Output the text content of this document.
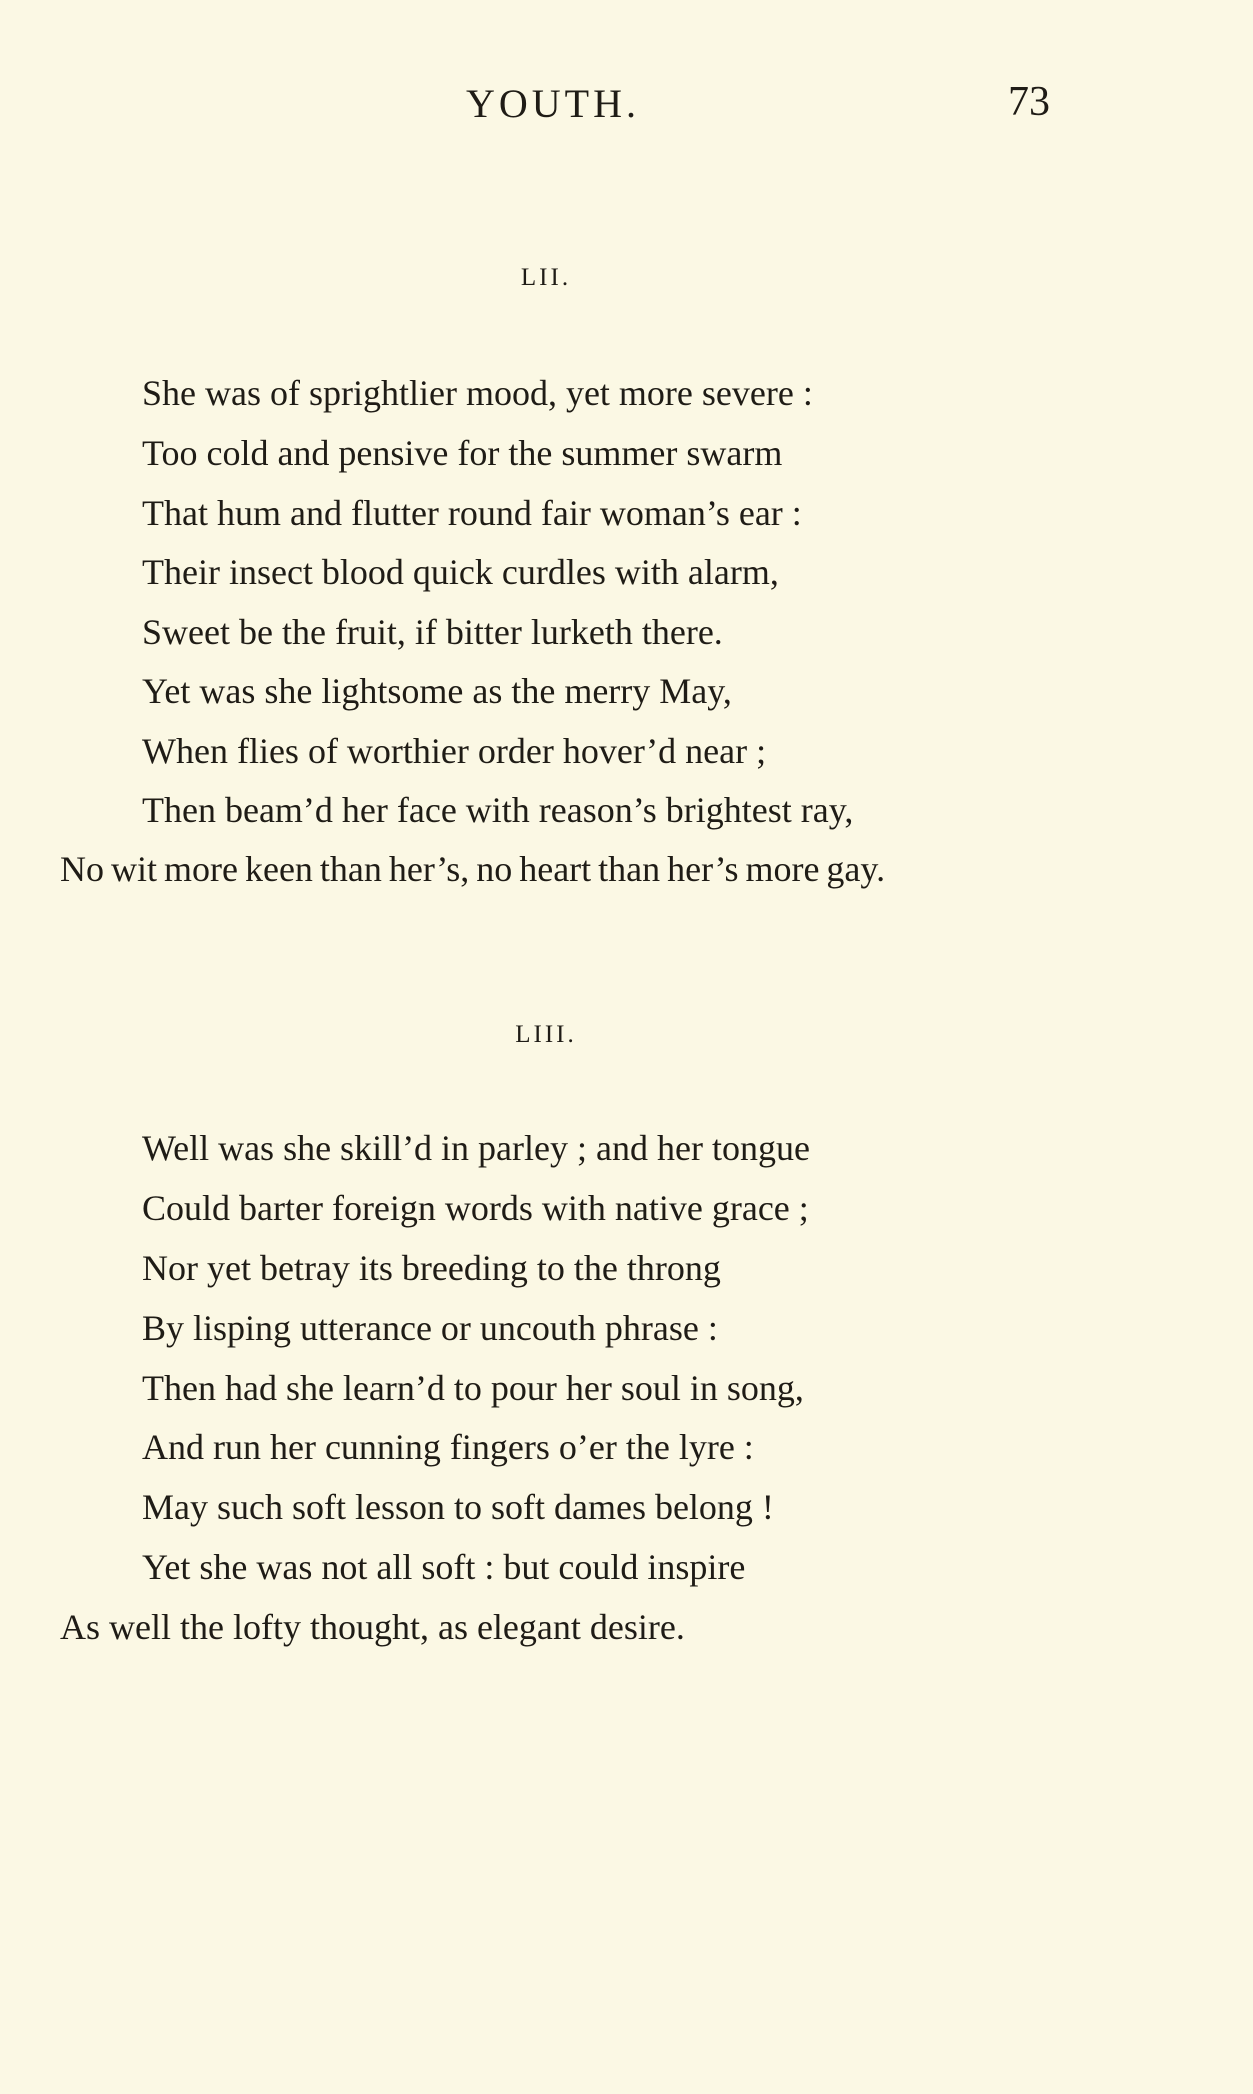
YOUTH.	73
LII.
She was of sprightlier mood, yet more severe :
Too cold and pensive for the summer swarm
That hum and flutter round fair woman’s ear :
Their insect blood quick curdles with alarm,
Sweet be the fruit, if bitter lurketh there.
Yet was she lightsome as the merry May,
When flies of worthier order hover’d near ;
Then beam’d her face with reason’s brightest ray,
No wit more keen than her’s, no heart than her’s more gay.
LIII.
Well was she skill’d in parley ; and her tongue
Could barter foreign words with native grace ;
Nor yet betray its breeding to the throng
By lisping utterance or uncouth phrase :
Then had she learn’d to pour her soul in song,
And run her cunning fingers o’er the lyre :
May such soft lesson to soft dames belong !
Yet she was not all soft : but could inspire
As well the lofty thought, as elegant desire.
